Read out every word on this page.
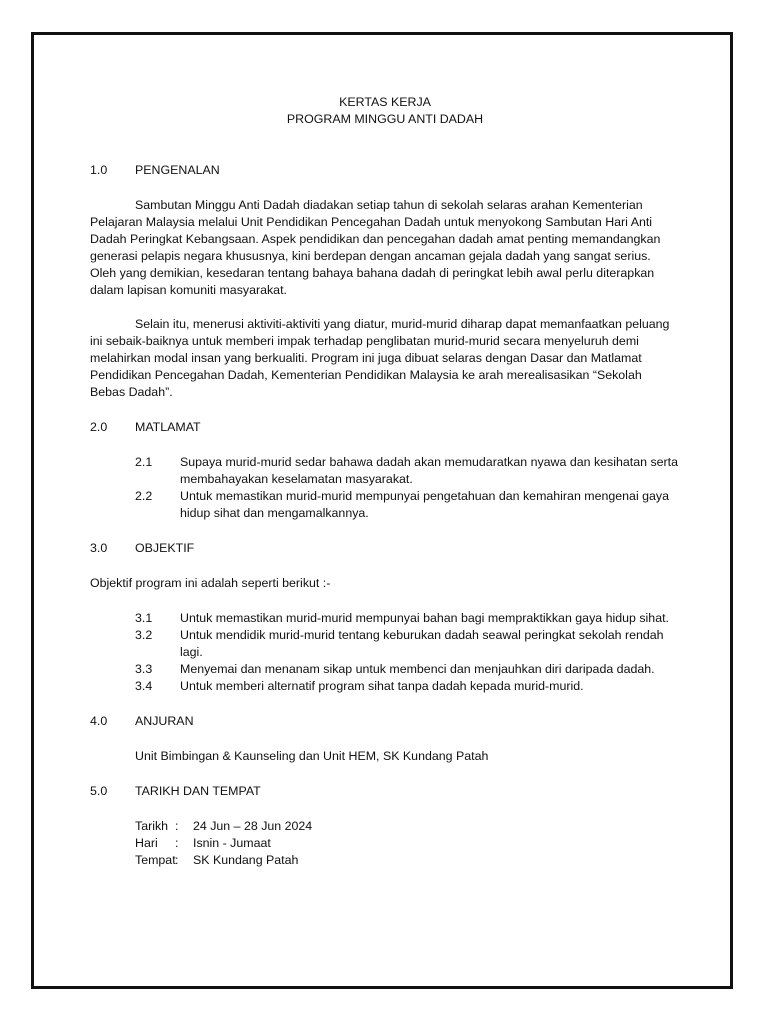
KERTAS KERJA

PROGRAM MINGGU ANTI DADAH

1.0	PENGENALAN

Sambutan Minggu Anti Dadah diadakan setiap tahun di sekolah selaras arahan Kementerian Pelajaran Malaysia melalui Unit Pendidikan Pencegahan Dadah untuk menyokong Sambutan Hari Anti Dadah Peringkat Kebangsaan. Aspek pendidikan dan pencegahan dadah amat penting memandangkan generasi pelapis negara khususnya, kini berdepan dengan ancaman gejala dadah yang sangat serius. Oleh yang demikian, kesedaran tentang bahaya bahana dadah di peringkat lebih awal perlu diterapkan dalam lapisan komuniti masyarakat.

Selain itu, menerusi aktiviti-aktiviti yang diatur, murid-murid diharap dapat memanfaatkan peluang ini sebaik-baiknya untuk memberi impak terhadap penglibatan murid-murid secara menyeluruh demi melahirkan modal insan yang berkualiti. Program ini juga dibuat selaras dengan Dasar dan Matlamat Pendidikan Pencegahan Dadah, Kementerian Pendidikan Malaysia ke arah merealisasikan “Sekolah Bebas Dadah”.

2.0	MATLAMAT
2.1	Supaya murid-murid sedar bahawa dadah akan memudaratkan nyawa dan kesihatan serta membahayakan keselamatan masyarakat.
2.2	Untuk memastikan murid-murid mempunyai pengetahuan dan kemahiran mengenai gaya hidup sihat dan mengamalkannya.
3.0	OBJEKTIF

Objektif program ini adalah seperti berikut :-

3.1	Untuk memastikan murid-murid mempunyai bahan bagi mempraktikkan gaya hidup sihat.
3.2	Untuk mendidik murid-murid tentang keburukan dadah seawal peringkat sekolah rendah lagi.
3.3	Menyemai dan menanam sikap untuk membenci dan menjauhkan diri daripada dadah.
3.4	Untuk memberi alternatif program sihat tanpa dadah kepada murid-murid.
4.0	ANJURAN

Unit Bimbingan & Kaunseling dan Unit HEM, SK Kundang Patah

5.0	TARIKH DAN TEMPAT
Tarikh :	24 Jun – 28 Jun 2024
Hari	:	Isnin - Jumaat
Tempat :	SK Kundang Patah
